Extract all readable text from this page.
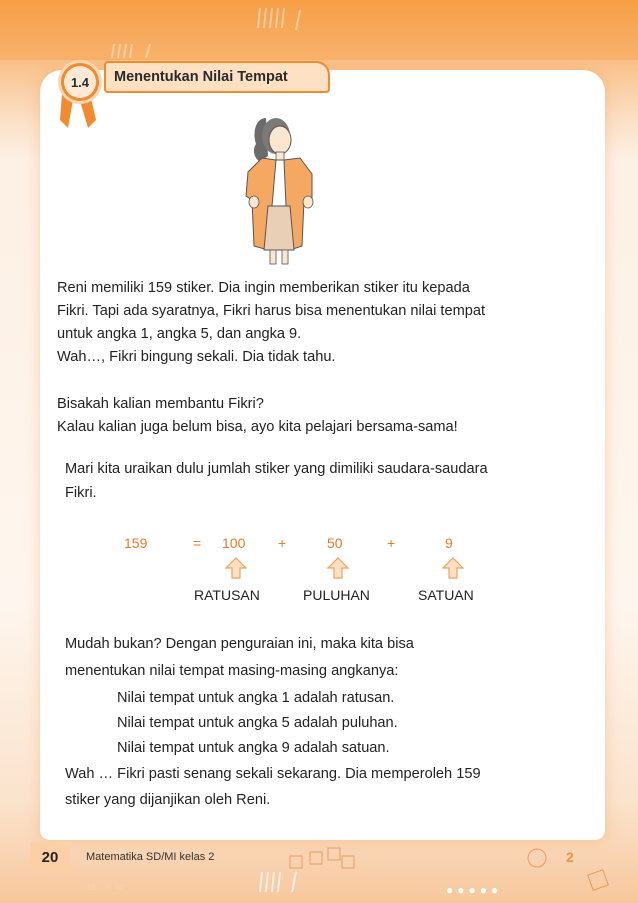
2
1.4	Menentukan Nilai Tempat
Reni memiliki 159 stiker. Dia ingin memberikan stiker itu kepada
Fikri. Tapi ada syaratnya, Fikri harus bisa menentukan nilai tempat
untuk angka 1, angka 5, dan angka 9.
Wah…, Fikri bingung sekali. Dia tidak tahu.
Bisakah kalian membantu Fikri?
Kalau kalian juga belum bisa, ayo kita pelajari bersama-sama!
Mari kita uraikan dulu jumlah stiker yang dimiliki saudara-saudara
Fikri.
159	= 100 +	50	+	9
RATUSAN	PULUHAN	SATUAN
Mudah bukan? Dengan penguraian ini, maka kita bisa
menentukan nilai tempat masing-masing angkanya:
Nilai tempat untuk angka 1 adalah ratusan.
Nilai tempat untuk angka 5 adalah puluhan.
Nilai tempat untuk angka 9 adalah satuan.
Wah … Fikri pasti senang sekali sekarang. Dia memperoleh 159
stiker yang dijanjikan oleh Reni.
20	Matematika SD/MI kelas 2
15, .. 5, 10,	●●●●●
